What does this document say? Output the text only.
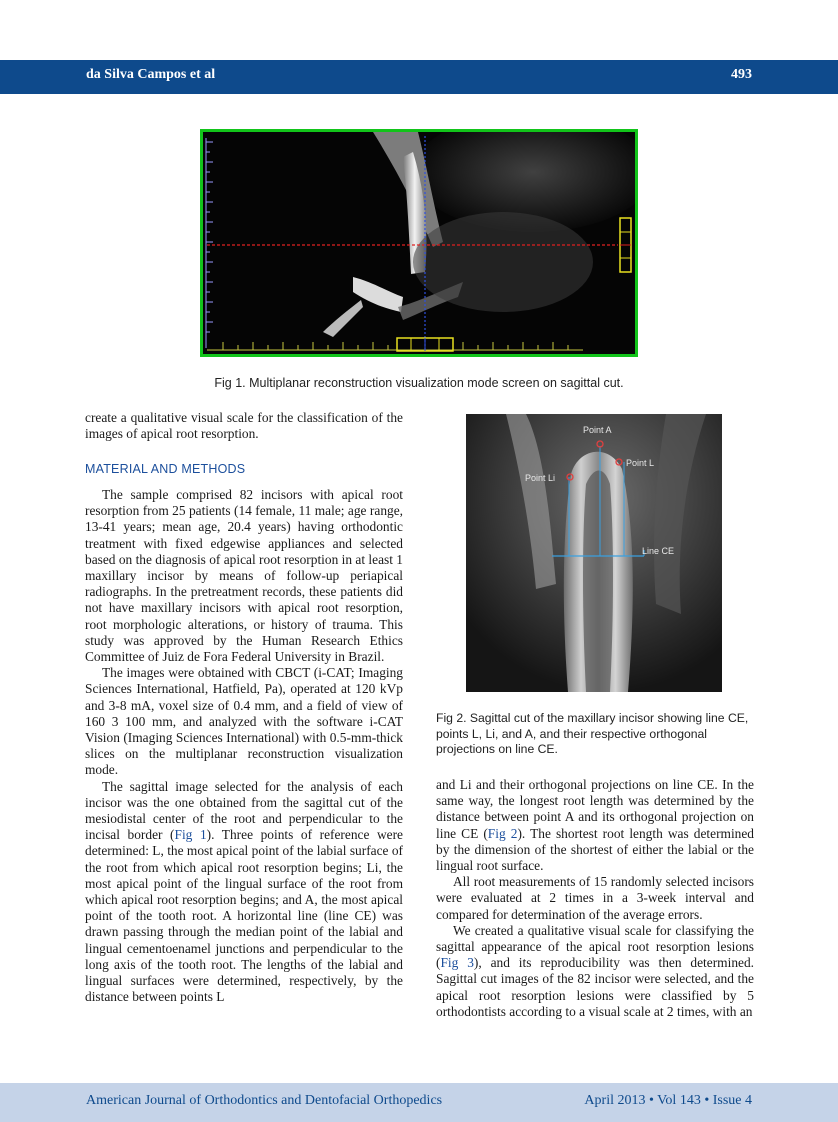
da Silva Campos et al	493
Fig 1. Multiplanar reconstruction visualization mode screen on sagittal cut.

create a qualitative visual scale for the classification of the images of apical root resorption.

MATERIAL AND METHODS

The sample comprised 82 incisors with apical root resorption from 25 patients (14 female, 11 male; age range, 13-41 years; mean age, 20.4 years) having orthodontic treatment with fixed edgewise appliances and selected based on the diagnosis of apical root resorption in at least 1 maxillary incisor by means of follow-up periapical radiographs. In the pretreatment records, these patients did not have maxillary incisors with apical root resorption, root morphologic alterations, or history of trauma. This study was approved by the Human Research Ethics Committee of Juiz de Fora Federal University in Brazil.

The images were obtained with CBCT (i-CAT; Imaging Sciences International, Hatfield, Pa), operated at 120 kVp and 3-8 mA, voxel size of 0.4 mm, and a field of view of 160 3 100 mm, and analyzed with the software i-CAT Vision (Imaging Sciences International) with 0.5-mm-thick slices on the multiplanar reconstruction visualization mode.

The sagittal image selected for the analysis of each incisor was the one obtained from the sagittal cut of the mesiodistal center of the root and perpendicular to the incisal border (Fig 1). Three points of reference were determined: L, the most apical point of the labial surface of the root from which apical root resorption begins; Li, the most apical point of the lingual surface of the root from which apical root resorption begins; and A, the most apical point of the tooth root. A horizontal line (line CE) was drawn passing through the median point of the labial and lingual cementoenamel junctions and perpendicular to the long axis of the tooth root. The lengths of the labial and lingual surfaces were determined, respectively, by the distance between points L

Point A
Point L
Point Li
Line CE
Fig 2. Sagittal cut of the maxillary incisor showing line CE, points L, Li, and A, and their respective orthogonal projections on line CE.

and Li and their orthogonal projections on line CE. In the same way, the longest root length was determined by the distance between point A and its orthogonal projection on line CE (Fig 2). The shortest root length was determined by the dimension of the shortest of either the labial or the lingual root surface.

All root measurements of 15 randomly selected incisors were evaluated at 2 times in a 3-week interval and compared for determination of the average errors.

We created a qualitative visual scale for classifying the sagittal appearance of the apical root resorption lesions (Fig 3), and its reproducibility was then determined. Sagittal cut images of the 82 incisor were selected, and the apical root resorption lesions were classified by 5 orthodontists according to a visual scale at 2 times, with an

American Journal of Orthodontics and Dentofacial Orthopedics	April 2013 • Vol 143 • Issue 4
